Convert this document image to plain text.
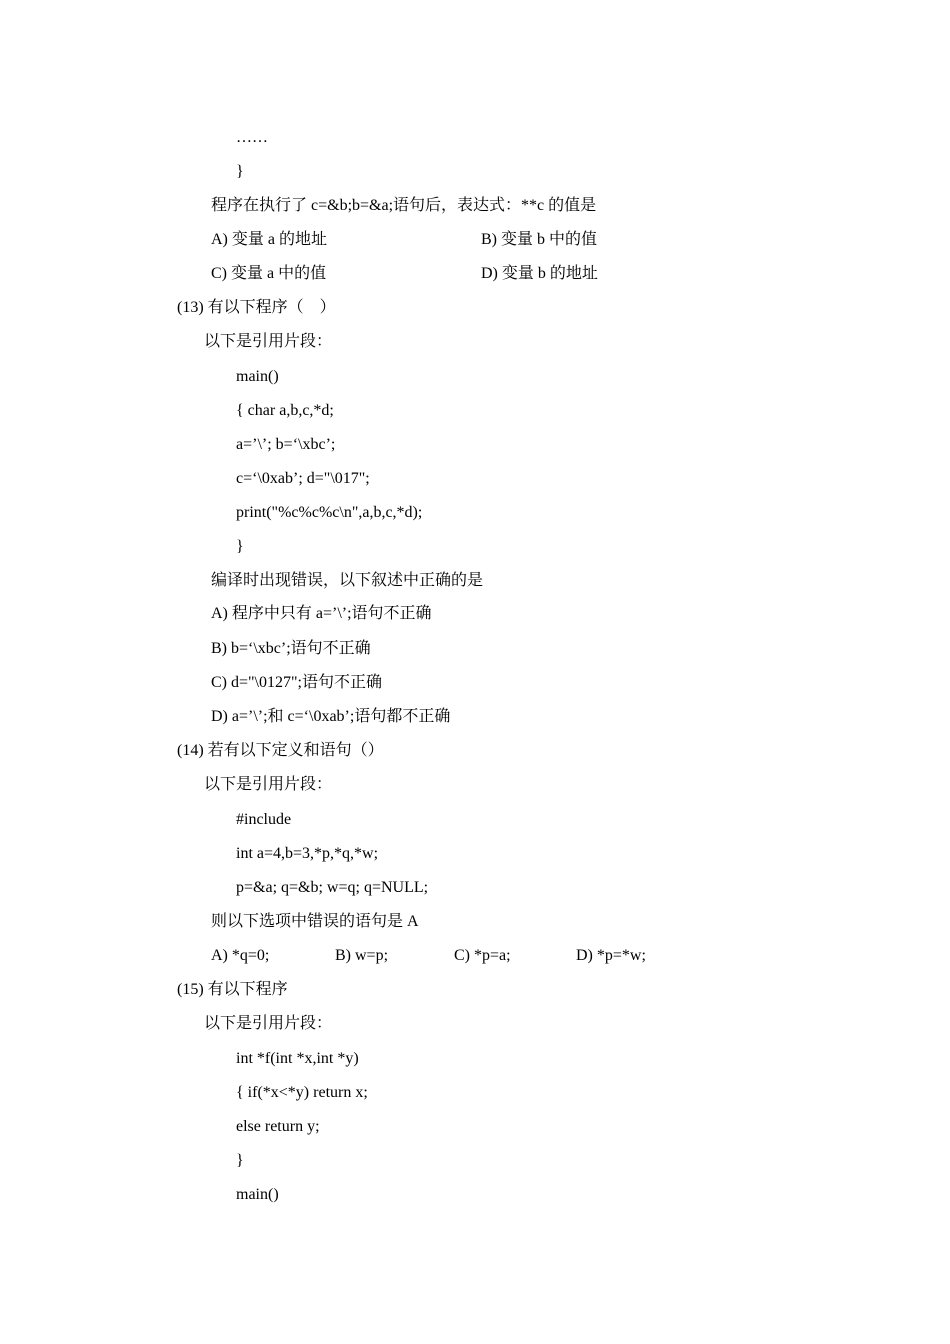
……
}
程序在执行了 c=&b;b=&a;语句后，表达式：**c 的值是
A) 变量 a 的地址	B) 变量 b 中的值
C) 变量 a 中的值	D) 变量 b 的地址
(13) 有以下程序（    ）
以下是引用片段：
main()
{ char a,b,c,*d;
a=’\’; b=‘\xbc’;
c=‘\0xab’; d="\017";
print("%c%c%c\n",a,b,c,*d);
}
编译时出现错误，以下叙述中正确的是
A) 程序中只有 a=’\’;语句不正确
B) b=‘\xbc’;语句不正确
C) d="\0127";语句不正确
D) a=’\’;和 c=‘\0xab’;语句都不正确
(14) 若有以下定义和语句（）
以下是引用片段：
#include
int a=4,b=3,*p,*q,*w;
p=&a; q=&b; w=q; q=NULL;
则以下选项中错误的语句是 A
A) *q=0;	B) w=p;	C) *p=a;	D) *p=*w;
(15) 有以下程序
以下是引用片段：
int *f(int *x,int *y)
{ if(*x<*y) return x;
else return y;
}
main()
